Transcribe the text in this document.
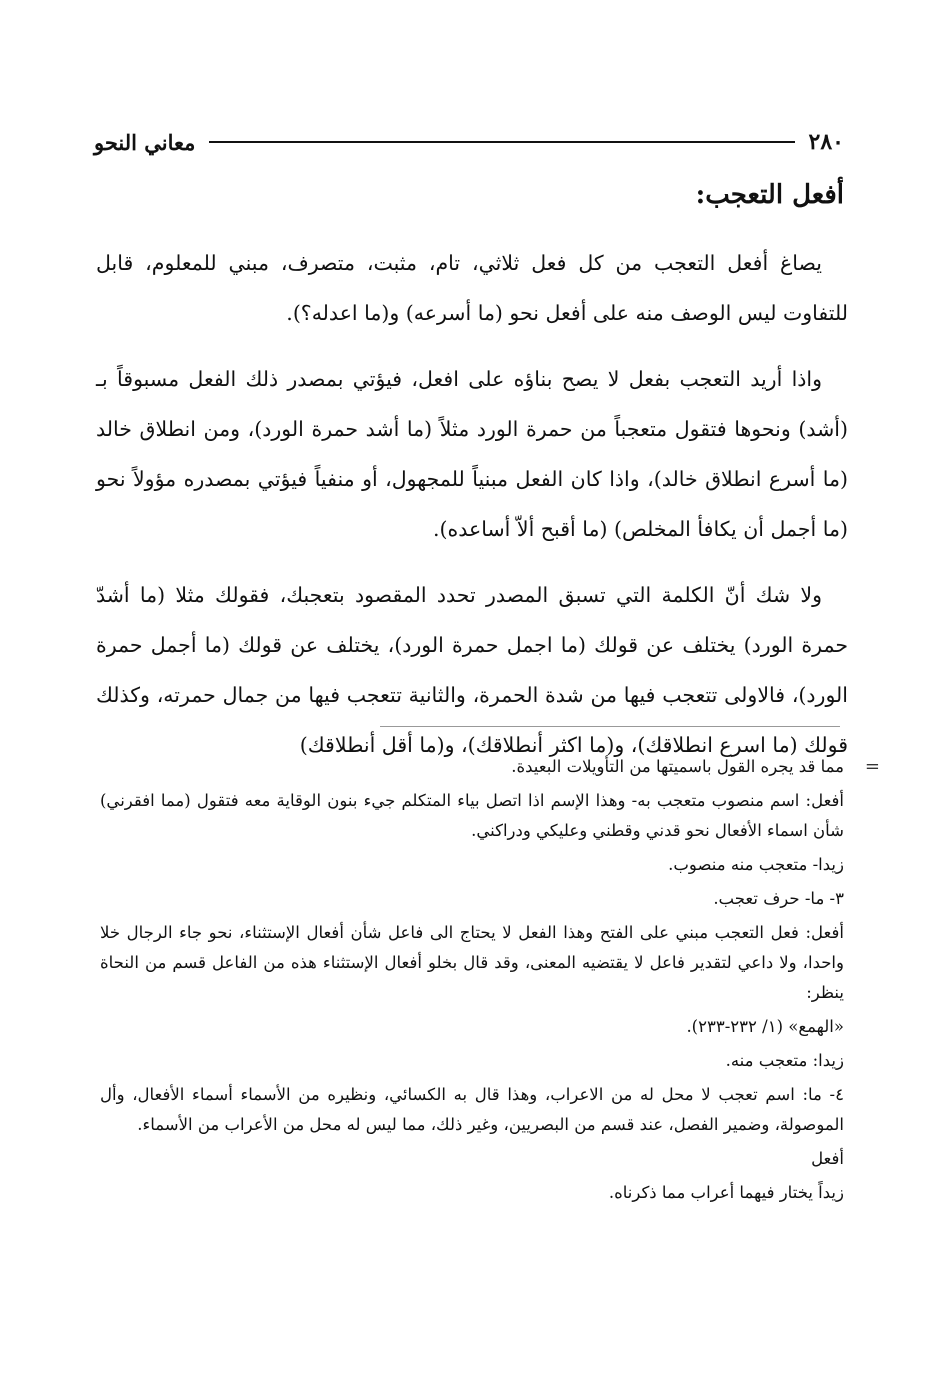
٢٨٠
معاني النحو
أفعل التعجب:

يصاغ أفعل التعجب من كل فعل ثلاثي، تام، مثبت، متصرف، مبني للمعلوم، قابل للتفاوت ليس الوصف منه على أفعل نحو (ما أسرعه) و(ما اعدله؟).

واذا أريد التعجب بفعل لا يصح بناؤه على افعل، فيؤتي بمصدر ذلك الفعل مسبوقاً بـ (أشد) ونحوها فتقول متعجباً من حمرة الورد مثلاً (ما أشد حمرة الورد)، ومن انطلاق خالد (ما أسرع انطلاق خالد)، واذا كان الفعل مبنياً للمجهول، أو منفياً فيؤتي بمصدره مؤولاً نحو (ما أجمل أن يكافأ المخلص) (ما أقبح ألاّ أساعده).

ولا شك أنّ الكلمة التي تسبق المصدر تحدد المقصود بتعجبك، فقولك مثلا (ما أشدّ حمرة الورد) يختلف عن قولك (ما اجمل حمرة الورد)، يختلف عن قولك (ما أجمل حمرة الورد)، فالاولى تتعجب فيها من شدة الحمرة، والثانية تتعجب فيها من جمال حمرته، وكذلك قولك (ما اسرع انطلاقك)، و(ما اكثر أنطلاقك)، و(ما أقل أنطلاقك)

=

مما قد يجره القول باسميتها من التأويلات البعيدة.

أفعل: اسم منصوب متعجب به- وهذا الإسم اذا اتصل بياء المتكلم جيء بنون الوقاية معه فتقول (مما افقرني) شأن اسماء الأفعال نحو قدني وقطني وعليكي ودراكني.

زيدا- متعجب منه منصوب.

٣- ما- حرف تعجب.

أفعل: فعل التعجب مبني على الفتح وهذا الفعل لا يحتاج الى فاعل شأن أفعال الإستثناء، نحو جاء الرجال خلا واحدا، ولا داعي لتقدير فاعل لا يقتضيه المعنى، وقد قال بخلو أفعال الإستثناء هذه من الفاعل قسم من النحاة ينظر:

«الهمع» (١/ ٢٣٢-٢٣٣).

زيدا: متعجب منه.

٤- ما: اسم تعجب لا محل له من الاعراب، وهذا قال به الكسائي، ونظيره من الأسماء أسماء الأفعال، وأل الموصولة، وضمير الفصل، عند قسم من البصريين، وغير ذلك، مما ليس له محل من الأعراب من الأسماء.

أفعل

زيداً يختار فيهما أعراب مما ذكرناه.
